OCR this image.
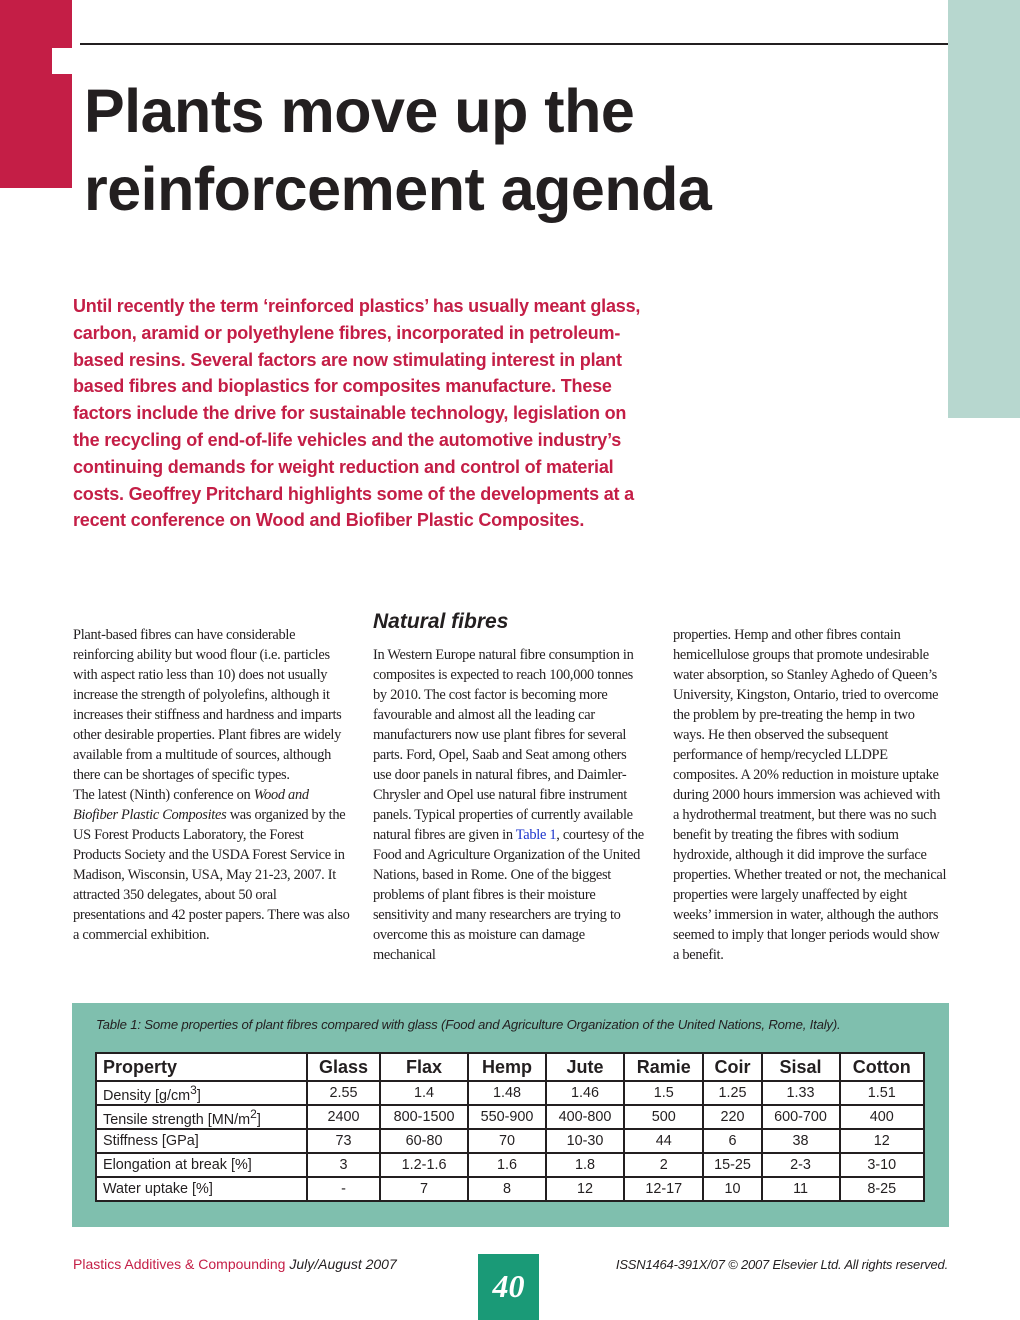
Plants move up the
reinforcement agenda

Until recently the term ‘reinforced plastics’ has usually meant glass, carbon, aramid or polyethylene fibres, incorporated in petroleum-based resins. Several factors are now stimulating interest in plant based fibres and bioplastics for composites manufacture. These factors include the drive for sustainable technology, legislation on the recycling of end-of-life vehicles and the automotive industry’s continuing demands for weight reduction and control of material costs. Geoffrey Pritchard highlights some of the developments at a recent conference on Wood and Biofiber Plastic Composites.

Plant-based fibres can have considerable reinforcing ability but wood flour (i.e. particles with aspect ratio less than 10) does not usually increase the strength of polyolefins, although it increases their stiffness and hardness and imparts other desirable properties. Plant fibres are widely available from a multitude of sources, although there can be shortages of specific types.

The latest (Ninth) conference on Wood and Biofiber Plastic Composites was organized by the US Forest Products Laboratory, the Forest Products Society and the USDA Forest Service in Madison, Wisconsin, USA, May 21-23, 2007. It attracted 350 delegates, about 50 oral presentations and 42 poster papers. There was also a commercial exhibition.

Natural fibres

In Western Europe natural fibre consumption in composites is expected to reach 100,000 tonnes by 2010. The cost factor is becoming more favourable and almost all the leading car manufacturers now use plant fibres for several parts. Ford, Opel, Saab and Seat among others use door panels in natural fibres, and Daimler-Chrysler and Opel use natural fibre instrument panels. Typical properties of currently available natural fibres are given in Table 1, courtesy of the Food and Agriculture Organization of the United Nations, based in Rome. One of the biggest problems of plant fibres is their moisture sensitivity and many researchers are trying to overcome this as moisture can damage mechanical

properties. Hemp and other fibres contain hemicellulose groups that promote undesirable water absorption, so Stanley Aghedo of Queen’s University, Kingston, Ontario, tried to overcome the problem by pre-treating the hemp in two ways. He then observed the subsequent performance of hemp/recycled LLDPE composites. A 20% reduction in moisture uptake during 2000 hours immersion was achieved with a hydrothermal treatment, but there was no such benefit by treating the fibres with sodium hydroxide, although it did improve the surface properties. Whether treated or not, the mechanical properties were largely unaffected by eight weeks’ immersion in water, although the authors seemed to imply that longer periods would show a benefit.

Table 1: Some properties of plant fibres compared with glass (Food and Agriculture Organization of the United Nations, Rome, Italy).

Property	Glass	Flax	Hemp	Jute	Ramie	Coir	Sisal	Cotton
Density $[g/cm^3]$	2.55	1.4	1.48	1.46	1.5	1.25	1.33	1.51
Tensile strength $[MN/m^2]$	2400	800-1500	550-900	400-800	500	220	600-700	400
Stiffness [GPa]	73	60-80	70	10-30	44	6	38	12
Elongation at break [%]	3	1.2-1.6	1.6	1.8	2	15-25	2-3	3-10
Water uptake [%]	-	7	8	12	12-17	10	11	8-25
Plastics Additives & Compounding July/August 2007
40
ISSN1464-391X/07 © 2007 Elsevier Ltd. All rights reserved.
